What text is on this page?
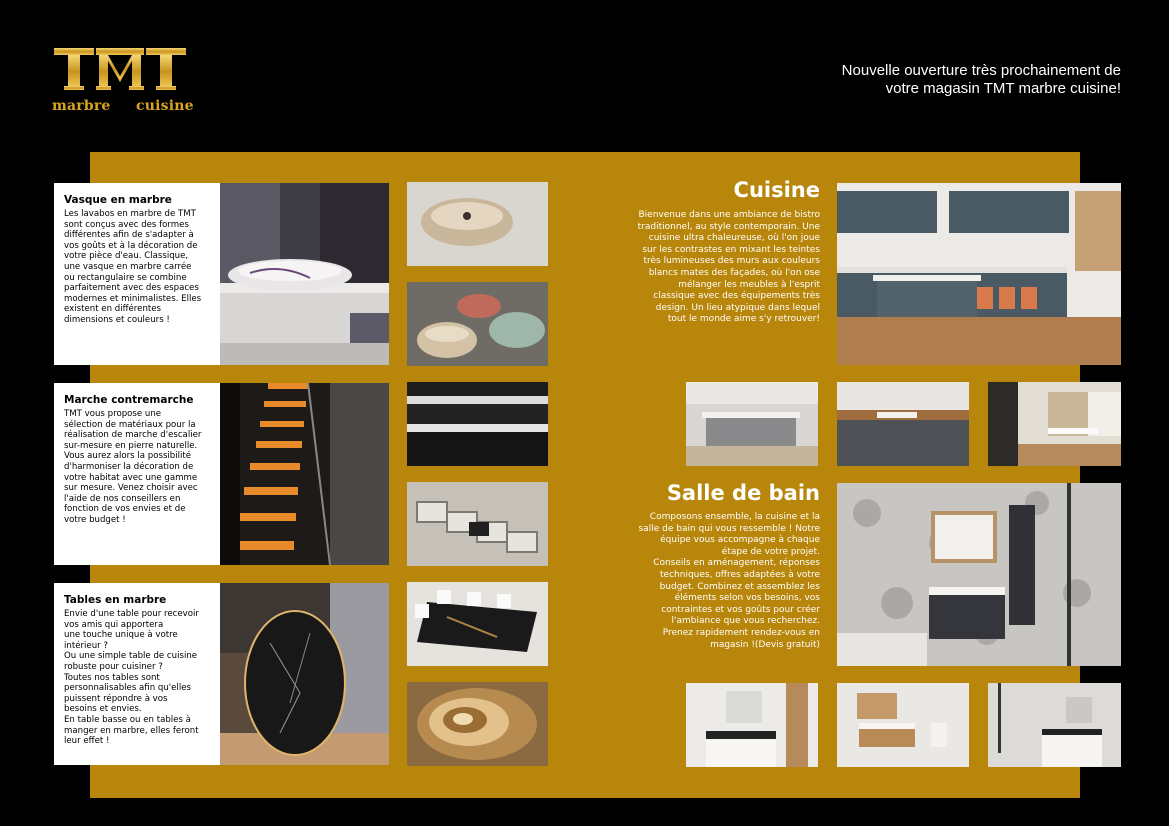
marbre cuisine
Nouvelle ouverture très prochainement de
votre magasin TMT marbre cuisine!
Vasque en marbre

Les lavabos en marbre de TMT
sont conçus avec des formes
différentes afin de s'adapter à
vos goûts et à la décoration de
votre pièce d'eau. Classique,
une vasque en marbre carrée
ou rectangulaire se combine
parfaitement avec des espaces
modernes et minimalistes. Elles
existent en différentes
dimensions et couleurs !

Marche contremarche

TMT vous propose une
sélection de matériaux pour la
réalisation de marche d'escalier
sur-mesure en pierre naturelle.
Vous aurez alors la possibilité
d'harmoniser la décoration de
votre habitat avec une gamme
sur mesure. Venez choisir avec
l'aide de nos conseillers en
fonction de vos envies et de
votre budget !

Tables en marbre

Envie d'une table pour recevoir
vos amis qui apportera
une touche unique à votre
intérieur ?
Ou une simple table de cuisine
robuste pour cuisiner ?
Toutes nos tables sont
personnalisables afin qu'elles
puissent répondre à vos
besoins et envies.
En table basse ou en tables à
manger en marbre, elles feront
leur effet !

Cuisine
Bienvenue dans une ambiance de bistro
traditionnel, au style contemporain. Une
cuisine ultra chaleureuse, où l'on joue
sur les contrastes en mixant les teintes
très lumineuses des murs aux couleurs
blancs mates des façades, où l'on ose
mélanger les meubles à l'esprit
classique avec des équipements très
design. Un lieu atypique dans lequel
tout le monde aime s'y retrouver!
Salle de bain
Composons ensemble, la cuisine et la
salle de bain qui vous ressemble ! Notre
équipe vous accompagne à chaque
étape de votre projet.
Conseils en aménagement, réponses
techniques, offres adaptées à votre
budget. Combinez et assemblez les
éléments selon vos besoins, vos
contraintes et vos goûts pour créer
l'ambiance que vous recherchez.
Prenez rapidement rendez-vous en
magasin !(Devis gratuit)
